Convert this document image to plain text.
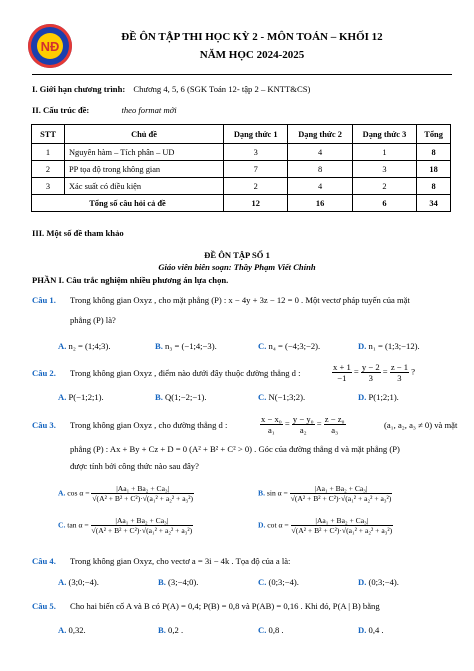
NĐ
ĐỀ ÔN TẬP THI HỌC KỲ 2 - MÔN TOÁN – KHỐI 12
NĂM HỌC 2024-2025
I. Giới hạn chương trình: Chương 4, 5, 6 (SGK Toán 12- tập 2 – KNTT&CS)
II. Cấu trúc đề:	theo format mới
STT	Chủ đề	Dạng thức 1	Dạng thức 2	Dạng thức 3	Tổng
1	Nguyên hàm – Tích phân – UD	3	4	1	8
2	PP tọa độ trong không gian	7	8	3	18
3	Xác suất có điều kiện	2	4	2	8
Tổng số câu hỏi cả đề		12	16	6	34
III. Một số đề tham khảo
ĐỀ ÔN TẬP SỐ 1
Giáo viên biên soạn: Thầy Phạm Viết Chính
PHẦN I. Câu trắc nghiệm nhiều phương án lựa chọn.
Câu 1. Trong không gian Oxyz , cho mặt phẳng (P) : x − 4y + 3z − 12 = 0 . Một vectơ pháp tuyến của mặt
phẳng (P) là?
A. n₂ = (1;4;3).	B. n₃ = (−1;4;−3).	C. n₄ = (−4;3;−2).	D. n₁ = (1;3;−12).
Câu 2. Trong không gian Oxyz , điểm nào dưới đây thuộc đường thẳng d :	$\frac{x + 1}{-1} = \frac{y - 2}{3} = \frac{z - 1}{3}$ ?
A. P(−1;2;1).	B. Q(1;−2;−1).	C. N(−1;3;2).	D. P(1;2;1).
Câu 3. Trong không gian Oxyz , cho đường thẳng d :	$\frac{\text{x − x₀}}{\text{a₁}} = \frac{\text{y − y₀}}{\text{a₂}} = \frac{\text{z − z₀}}{\text{a₃}}$	(a₁, a₂, a₃ ≠ 0) và mặt
phẳng (P) : Ax + By + Cz + D = 0 (A² + B² + C² > 0) . Góc của đường thẳng d và mặt phẳng (P)
được tính bởi công thức nào sau đây?
A. $\cos \alpha = \frac{\text{|Aa₁ + Ba₂ + Ca₃|}}{\text{√(A² + B² + C²)·√(a₁² + a₂² + a₃²)}}$	B. $\sin \alpha = \frac{\text{|Aa₁ + Ba₂ + Ca₃|}}{\text{√(A² + B² + C²)·√(a₁² + a₂² + a₃²)}}$
C. $\tan \alpha = \frac{\text{|Aa₁ + Ba₂ + Ca₃|}}{\text{√(A² + B² + C²)·√(a₁² + a₂² + a₃²)}}$	D. $\cot \alpha = \frac{\text{|Aa₁ + Ba₂ + Ca₃|}}{\text{√(A² + B² + C²)·√(a₁² + a₂² + a₃²)}}$
Câu 4. Trong không gian Oxyz, cho vectơ a = 3i − 4k . Tọa độ của a là:
A. (3;0;−4).	B. (3;−4;0).	C. (0;3;−4).	D. (0;3;−4).
Câu 5. Cho hai biến cố A và B có P(A) = 0,4; P(B) = 0,8 và P(AB) = 0,16 . Khi đó, P(A | B) bằng
A. 0,32.	B. 0,2 .	C. 0,8 .	D. 0,4 .
